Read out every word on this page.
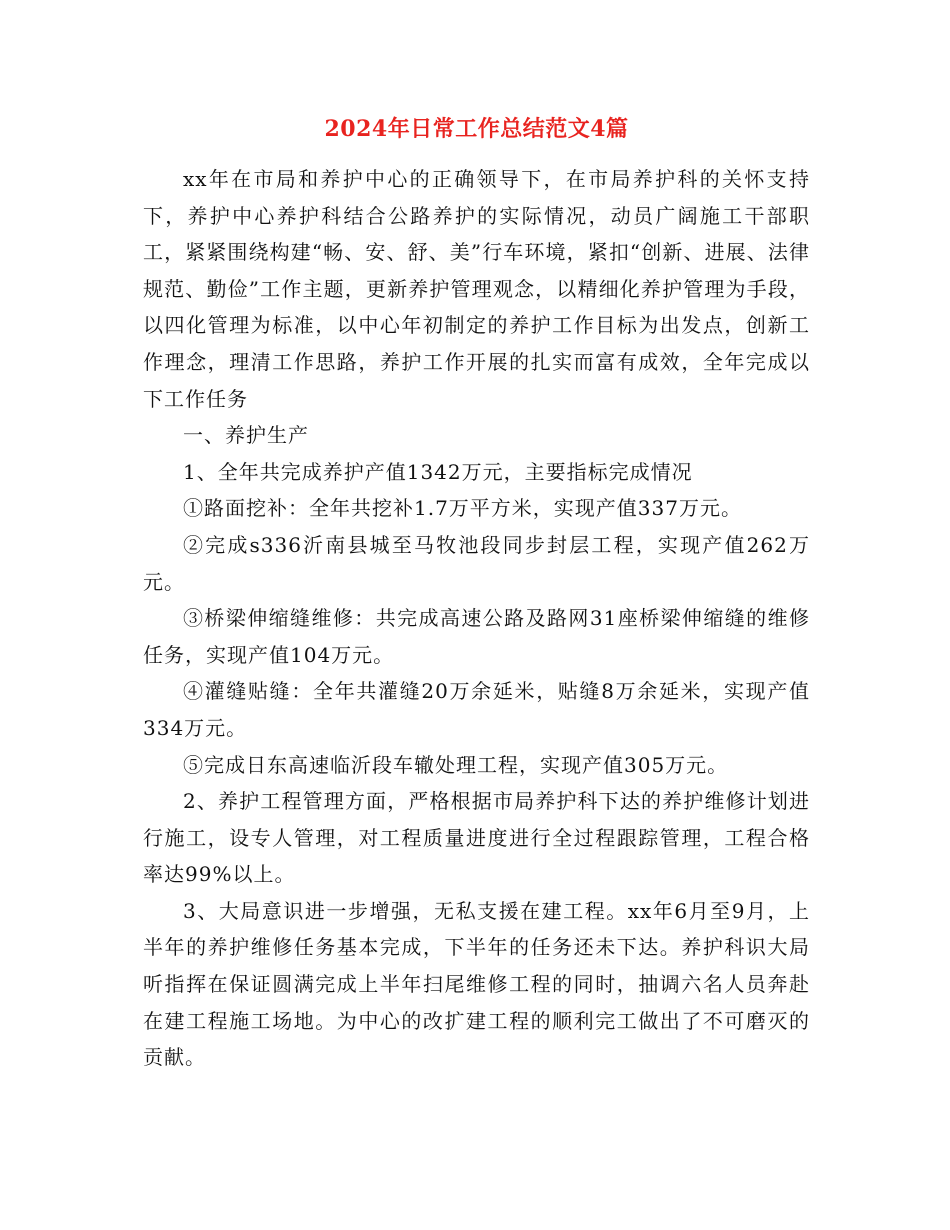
2024年日常工作总结范文4篇

xx年在市局和养护中心的正确领导下，在市局养护科的关怀支持下，养护中心养护科结合公路养护的实际情况，动员广阔施工干部职工，紧紧围绕构建“畅、安、舒、美”行车环境，紧扣“创新、进展、法律规范、勤俭”工作主题，更新养护管理观念，以精细化养护管理为手段，以四化管理为标准，以中心年初制定的养护工作目标为出发点，创新工作理念，理清工作思路，养护工作开展的扎实而富有成效，全年完成以下工作任务

一、养护生产

1、全年共完成养护产值1342万元，主要指标完成情况

①路面挖补：全年共挖补1.7万平方米，实现产值337万元。

②完成s336沂南县城至马牧池段同步封层工程，实现产值262万元。

③桥梁伸缩缝维修：共完成高速公路及路网31座桥梁伸缩缝的维修任务，实现产值104万元。

④灌缝贴缝：全年共灌缝20万余延米，贴缝8万余延米，实现产值334万元。

⑤完成日东高速临沂段车辙处理工程，实现产值305万元。

2、养护工程管理方面，严格根据市局养护科下达的养护维修计划进行施工，设专人管理，对工程质量进度进行全过程跟踪管理，工程合格率达99%以上。

3、大局意识进一步增强，无私支援在建工程。xx年6月至9月，上半年的养护维修任务基本完成，下半年的任务还未下达。养护科识大局听指挥在保证圆满完成上半年扫尾维修工程的同时，抽调六名人员奔赴在建工程施工场地。为中心的改扩建工程的顺利完工做出了不可磨灭的贡献。
